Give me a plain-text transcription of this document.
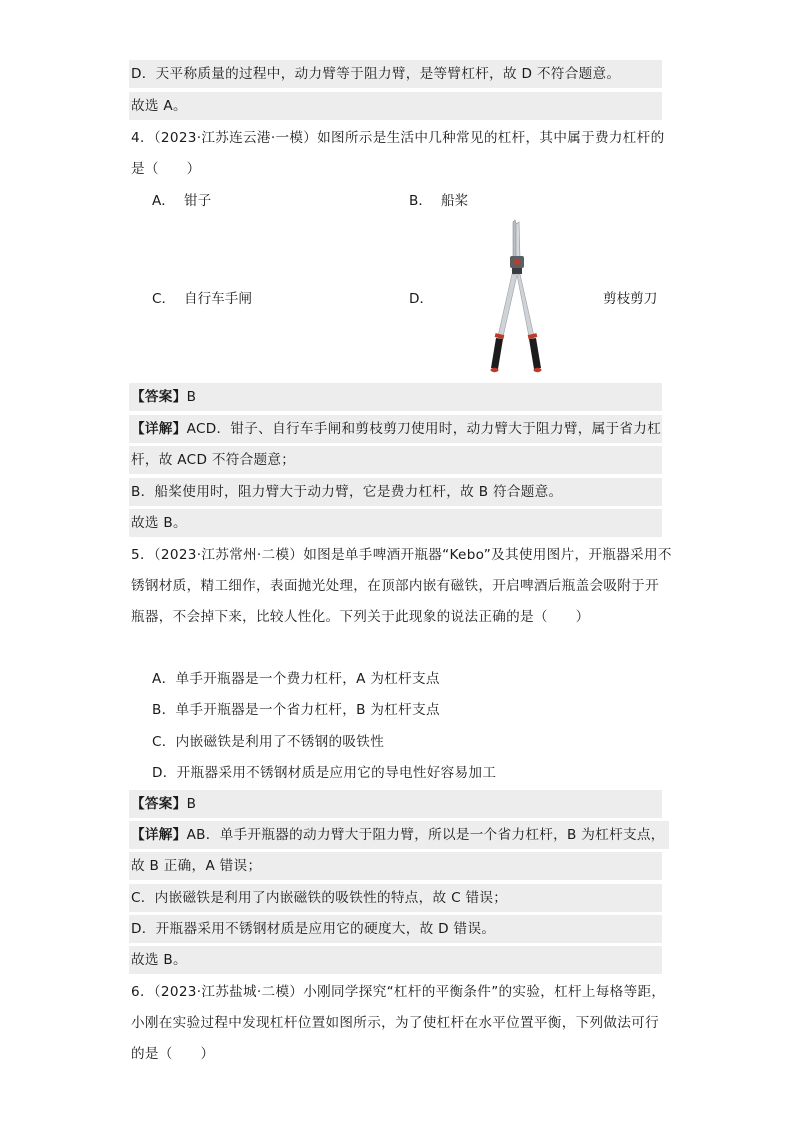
D．天平称质量的过程中，动力臂等于阻力臂，是等臂杠杆，故 D 不符合题意。
故选 A。
4．（2023·江苏连云港·一模）如图所示是生活中几种常见的杠杆，其中属于费力杠杆的
是（　　）
A． 钳子	B． 船桨
C． 自行车手闸	D．	剪枝剪刀
【答案】B
【详解】ACD．钳子、自行车手闸和剪枝剪刀使用时，动力臂大于阻力臂，属于省力杠
杆，故 ACD 不符合题意；
B．船桨使用时，阻力臂大于动力臂，它是费力杠杆，故 B 符合题意。
故选 B。
5．（2023·江苏常州·二模）如图是单手啤酒开瓶器“Kebo”及其使用图片，开瓶器采用不
锈钢材质，精工细作，表面抛光处理，在顶部内嵌有磁铁，开启啤酒后瓶盖会吸附于开
瓶器，不会掉下来，比较人性化。下列关于此现象的说法正确的是（　　）
A．单手开瓶器是一个费力杠杆，A 为杠杆支点
B．单手开瓶器是一个省力杠杆，B 为杠杆支点
C．内嵌磁铁是利用了不锈钢的吸铁性
D．开瓶器采用不锈钢材质是应用它的导电性好容易加工
【答案】B
【详解】AB．单手开瓶器的动力臂大于阻力臂，所以是一个省力杠杆，B 为杠杆支点，
故 B 正确，A 错误；
C．内嵌磁铁是利用了内嵌磁铁的吸铁性的特点，故 C 错误；
D．开瓶器采用不锈钢材质是应用它的硬度大，故 D 错误。
故选 B。
6．（2023·江苏盐城·二模）小刚同学探究“杠杆的平衡条件”的实验，杠杆上每格等距，
小刚在实验过程中发现杠杆位置如图所示，为了使杠杆在水平位置平衡，下列做法可行
的是（　　）
